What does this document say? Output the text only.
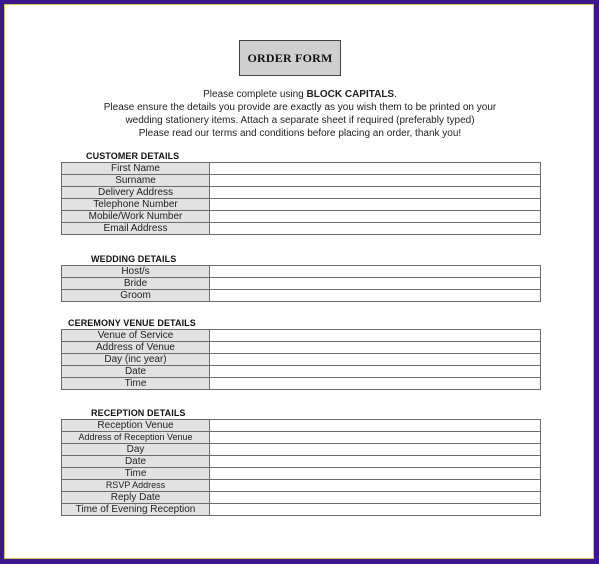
ORDER FORM
Please complete using BLOCK CAPITALS.
Please ensure the details you provide are exactly as you wish them to be printed on your
wedding stationery items. Attach a separate sheet if required (preferably typed)
Please read our terms and conditions before placing an order, thank you!
CUSTOMER DETAILS
First Name	
Surname	
Delivery Address	
Telephone Number	
Mobile/Work Number	
Email Address	
WEDDING DETAILS
Host/s	
Bride	
Groom	
CEREMONY VENUE DETAILS
Venue of Service	
Address of Venue	
Day (inc year)	
Date	
Time	
RECEPTION DETAILS
Reception Venue	
Address of Reception Venue	
Day	
Date	
Time	
RSVP Address	
Reply Date	
Time of Evening Reception	
